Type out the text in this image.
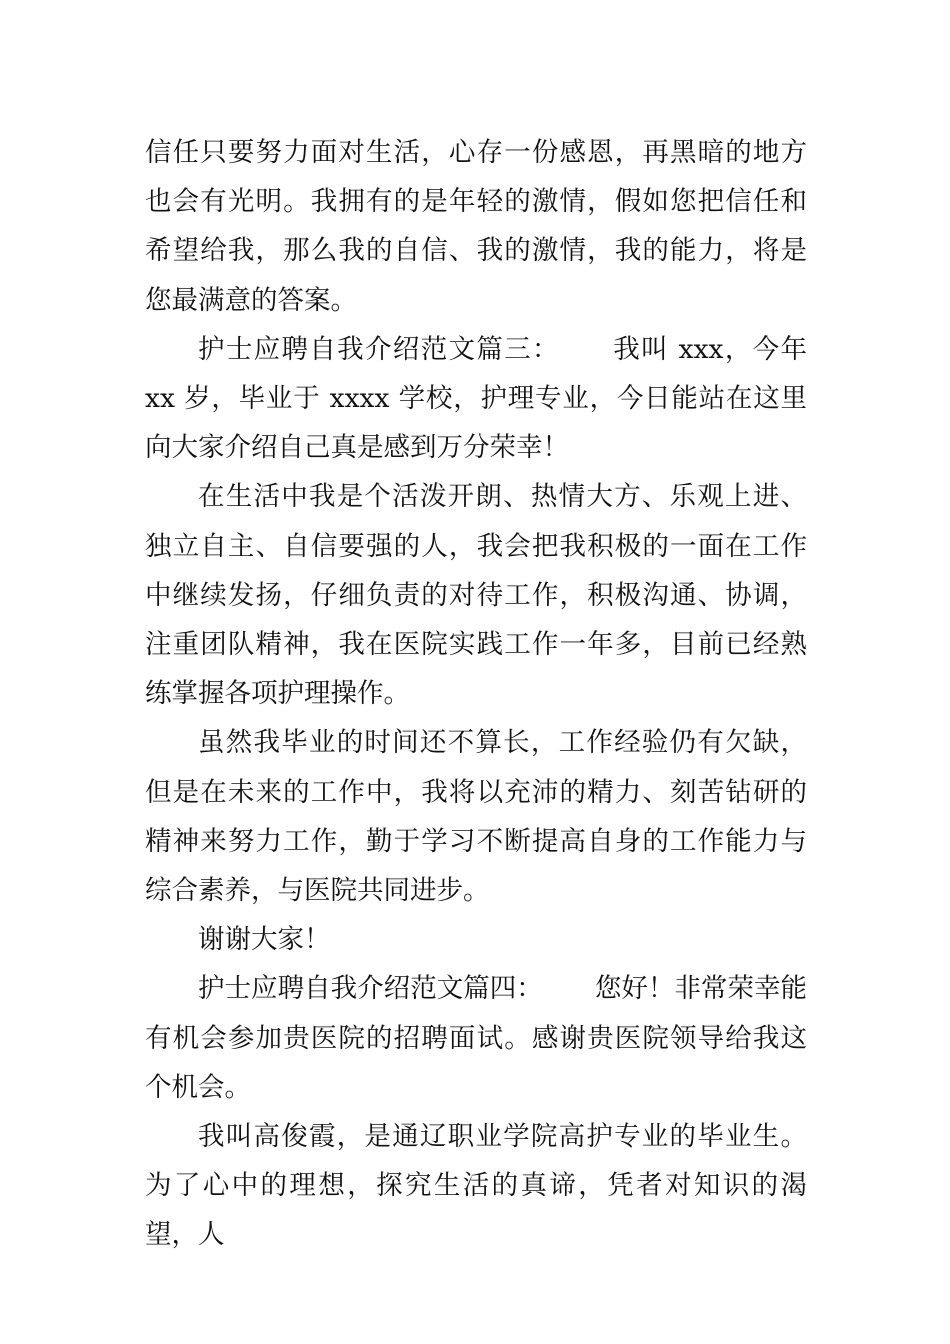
信任只要努力面对生活，心存一份感恩，再黑暗的地方也会有光明。我拥有的是年轻的激情，假如您把信任和希望给我，那么我的自信、我的激情，我的能力，将是您最满意的答案。

护士应聘自我介绍范文篇三： 我叫 xxx，今年 xx 岁，毕业于 xxxx 学校，护理专业，今日能站在这里向大家介绍自己真是感到万分荣幸！

在生活中我是个活泼开朗、热情大方、乐观上进、独立自主、自信要强的人，我会把我积极的一面在工作中继续发扬，仔细负责的对待工作，积极沟通、协调，注重团队精神，我在医院实践工作一年多，目前已经熟练掌握各项护理操作。

虽然我毕业的时间还不算长，工作经验仍有欠缺，但是在未来的工作中，我将以充沛的精力、刻苦钻研的精神来努力工作，勤于学习不断提高自身的工作能力与综合素养，与医院共同进步。

谢谢大家！

护士应聘自我介绍范文篇四： 您好！非常荣幸能有机会参加贵医院的招聘面试。感谢贵医院领导给我这个机会。

我叫高俊霞，是通辽职业学院高护专业的毕业生。为了心中的理想，探究生活的真谛，凭者对知识的渴望，人
